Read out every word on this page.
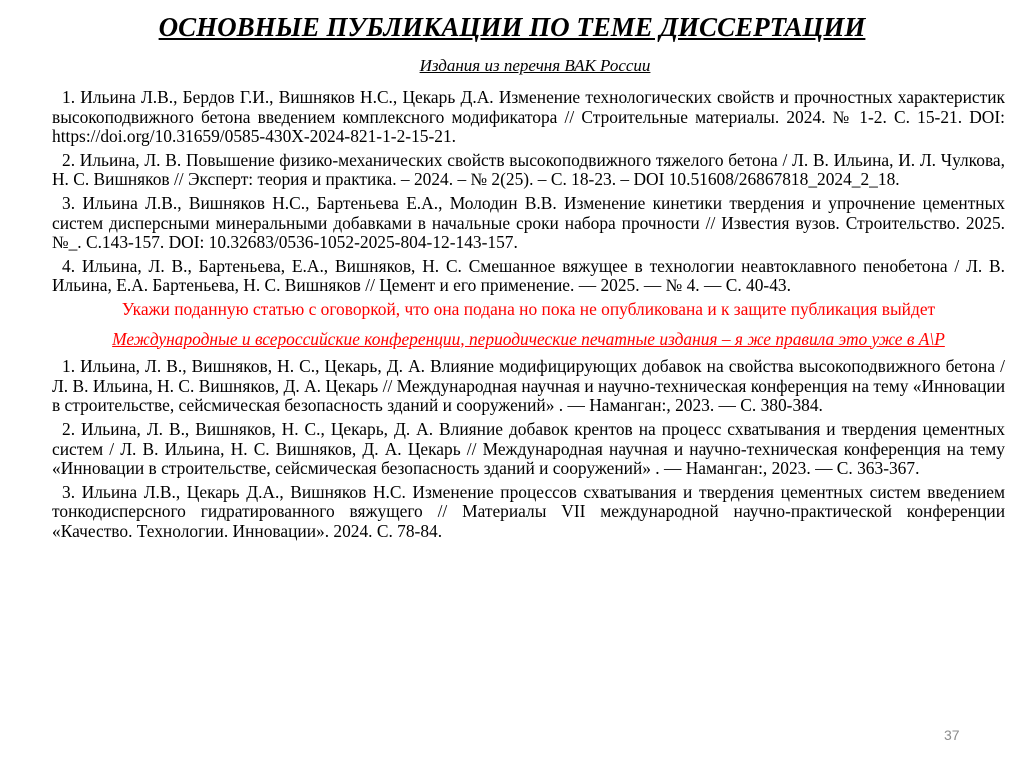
ОСНОВНЫЕ ПУБЛИКАЦИИ ПО ТЕМЕ ДИССЕРТАЦИИ
Издания из перечня ВАК России

1. Ильина Л.В., Бердов Г.И., Вишняков Н.С., Цекарь Д.А. Изменение технологических свойств и прочностных характеристик высокоподвижного бетона введением комплексного модификатора // Строительные материалы. 2024. № 1-2. С. 15-21. DOI: https://doi.org/10.31659/0585-430X-2024-821-1-2-15-21.

2. Ильина, Л. В. Повышение физико-механических свойств высокоподвижного тяжелого бетона / Л. В. Ильина, И. Л. Чулкова, Н. С. Вишняков // Эксперт: теория и практика. – 2024. – № 2(25). – С. 18-23. – DOI 10.51608/26867818_2024_2_18.

3. Ильина Л.В., Вишняков Н.С., Бартеньева Е.А., Молодин В.В. Изменение кинетики твердения и упрочнение цементных систем дисперсными минеральными добавками в начальные сроки набора прочности // Известия вузов. Строительство. 2025. №_. С.143-157. DOI: 10.32683/0536-1052-2025-804-12-143-157.

4. Ильина, Л. В., Бартеньева, Е.А., Вишняков, Н. С. Смешанное вяжущее в технологии неавтоклавного пенобетона / Л. В. Ильина, Е.А. Бартеньева, Н. С. Вишняков // Цемент и его применение. — 2025. — № 4. — С. 40-43.

Укажи поданную статью с оговоркой, что она подана но пока не опубликована и к защите публикация выйдет

Международные и всероссийские конференции, периодические печатные издания – я же правила это уже в А\Р

1. Ильина, Л. В., Вишняков, Н. С., Цекарь, Д. А. Влияние модифицирующих добавок на свойства высокоподвижного бетона / Л. В. Ильина, Н. С. Вишняков, Д. А. Цекарь // Международная научная и научно-техническая конференция на тему «Инновации в строительстве, сейсмическая безопасность зданий и сооружений» . — Наманган:, 2023. — С. 380-384.

2. Ильина, Л. В., Вишняков, Н. С., Цекарь, Д. А. Влияние добавок крентов на процесс схватывания и твердения цементных систем / Л. В. Ильина, Н. С. Вишняков, Д. А. Цекарь // Международная научная и научно-техническая конференция на тему «Инновации в строительстве, сейсмическая безопасность зданий и сооружений» . — Наманган:, 2023. — С. 363-367.

3. Ильина Л.В., Цекарь Д.А., Вишняков Н.С. Изменение процессов схватывания и твердения цементных систем введением тонкодисперсного гидратированного вяжущего // Материалы VII международной научно-практической конференции «Качество. Технологии. Инновации». 2024. С. 78-84.

37
